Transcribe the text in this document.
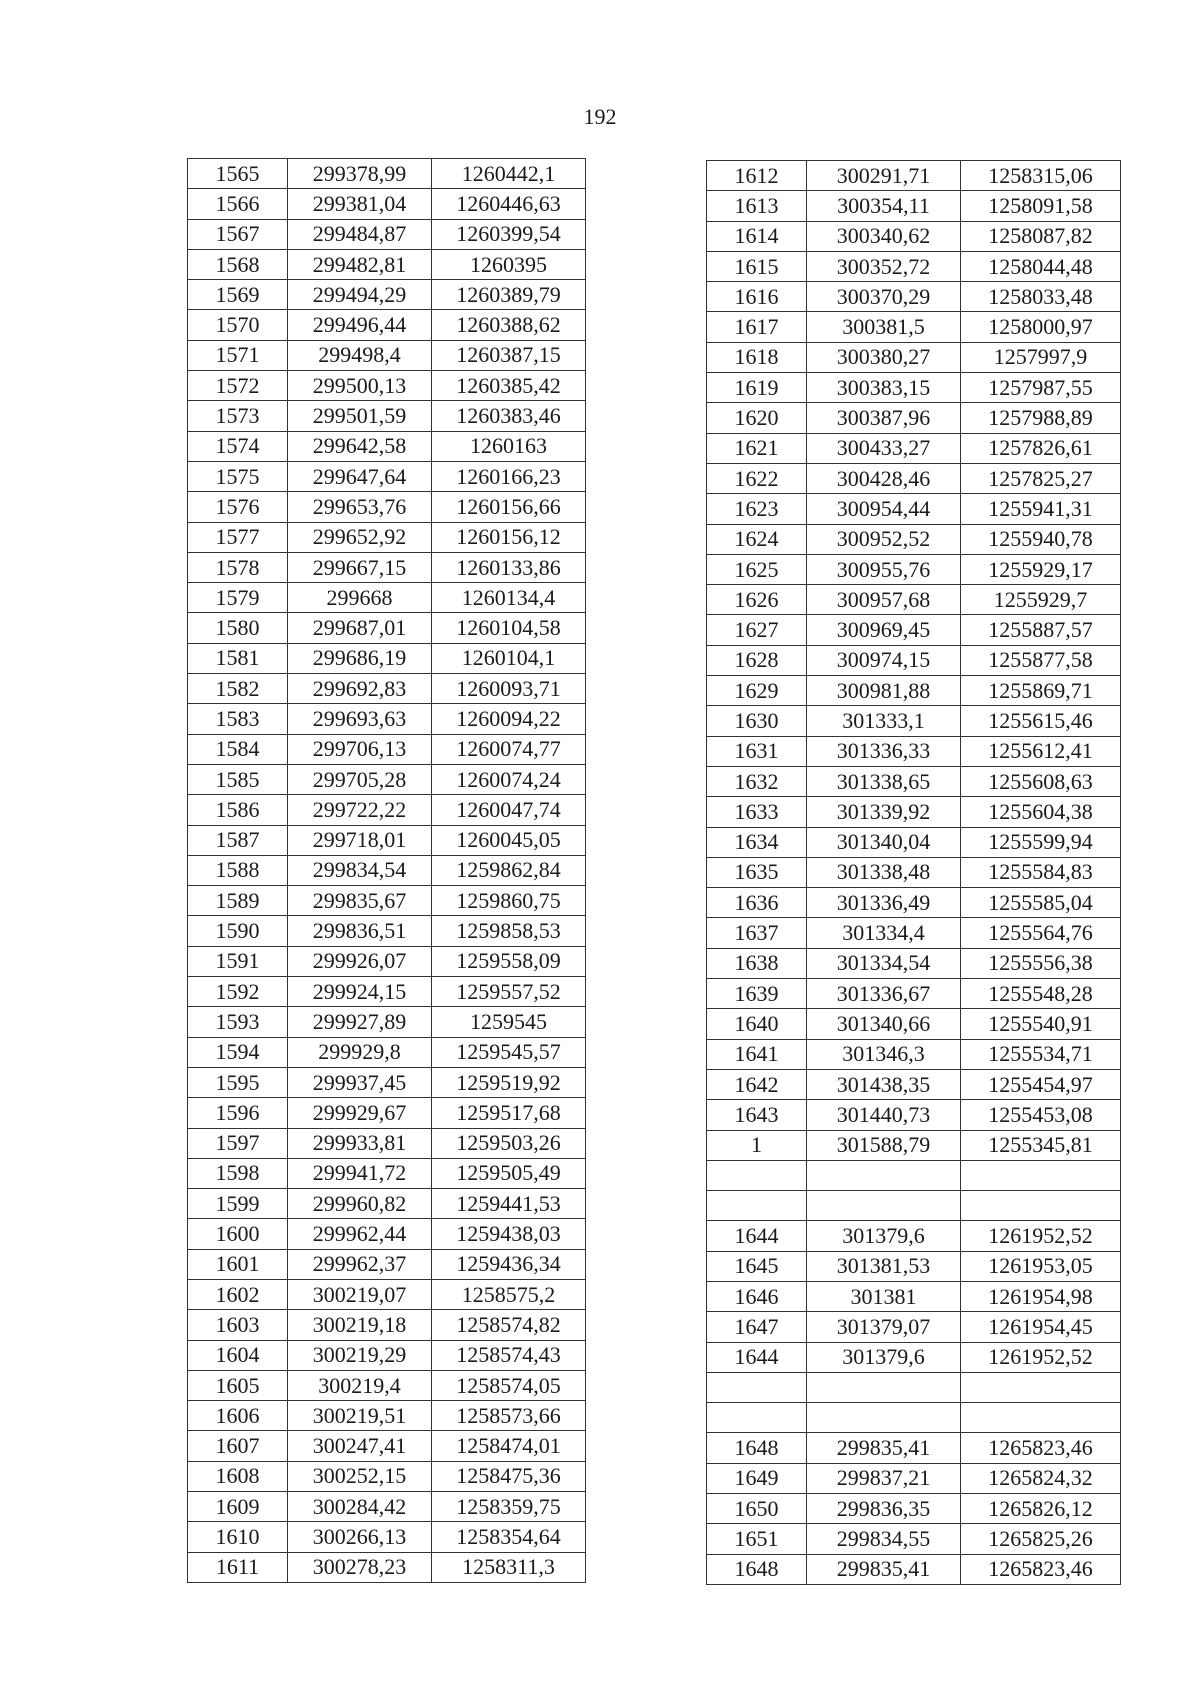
192
1565	299378,99	1260442,1
1566	299381,04	1260446,63
1567	299484,87	1260399,54
1568	299482,81	1260395
1569	299494,29	1260389,79
1570	299496,44	1260388,62
1571	299498,4	1260387,15
1572	299500,13	1260385,42
1573	299501,59	1260383,46
1574	299642,58	1260163
1575	299647,64	1260166,23
1576	299653,76	1260156,66
1577	299652,92	1260156,12
1578	299667,15	1260133,86
1579	299668	1260134,4
1580	299687,01	1260104,58
1581	299686,19	1260104,1
1582	299692,83	1260093,71
1583	299693,63	1260094,22
1584	299706,13	1260074,77
1585	299705,28	1260074,24
1586	299722,22	1260047,74
1587	299718,01	1260045,05
1588	299834,54	1259862,84
1589	299835,67	1259860,75
1590	299836,51	1259858,53
1591	299926,07	1259558,09
1592	299924,15	1259557,52
1593	299927,89	1259545
1594	299929,8	1259545,57
1595	299937,45	1259519,92
1596	299929,67	1259517,68
1597	299933,81	1259503,26
1598	299941,72	1259505,49
1599	299960,82	1259441,53
1600	299962,44	1259438,03
1601	299962,37	1259436,34
1602	300219,07	1258575,2
1603	300219,18	1258574,82
1604	300219,29	1258574,43
1605	300219,4	1258574,05
1606	300219,51	1258573,66
1607	300247,41	1258474,01
1608	300252,15	1258475,36
1609	300284,42	1258359,75
1610	300266,13	1258354,64
1611	300278,23	1258311,3
1612	300291,71	1258315,06
1613	300354,11	1258091,58
1614	300340,62	1258087,82
1615	300352,72	1258044,48
1616	300370,29	1258033,48
1617	300381,5	1258000,97
1618	300380,27	1257997,9
1619	300383,15	1257987,55
1620	300387,96	1257988,89
1621	300433,27	1257826,61
1622	300428,46	1257825,27
1623	300954,44	1255941,31
1624	300952,52	1255940,78
1625	300955,76	1255929,17
1626	300957,68	1255929,7
1627	300969,45	1255887,57
1628	300974,15	1255877,58
1629	300981,88	1255869,71
1630	301333,1	1255615,46
1631	301336,33	1255612,41
1632	301338,65	1255608,63
1633	301339,92	1255604,38
1634	301340,04	1255599,94
1635	301338,48	1255584,83
1636	301336,49	1255585,04
1637	301334,4	1255564,76
1638	301334,54	1255556,38
1639	301336,67	1255548,28
1640	301340,66	1255540,91
1641	301346,3	1255534,71
1642	301438,35	1255454,97
1643	301440,73	1255453,08
1	301588,79	1255345,81

1644	301379,6	1261952,52
1645	301381,53	1261953,05
1646	301381	1261954,98
1647	301379,07	1261954,45
1644	301379,6	1261952,52

1648	299835,41	1265823,46
1649	299837,21	1265824,32
1650	299836,35	1265826,12
1651	299834,55	1265825,26
1648	299835,41	1265823,46
